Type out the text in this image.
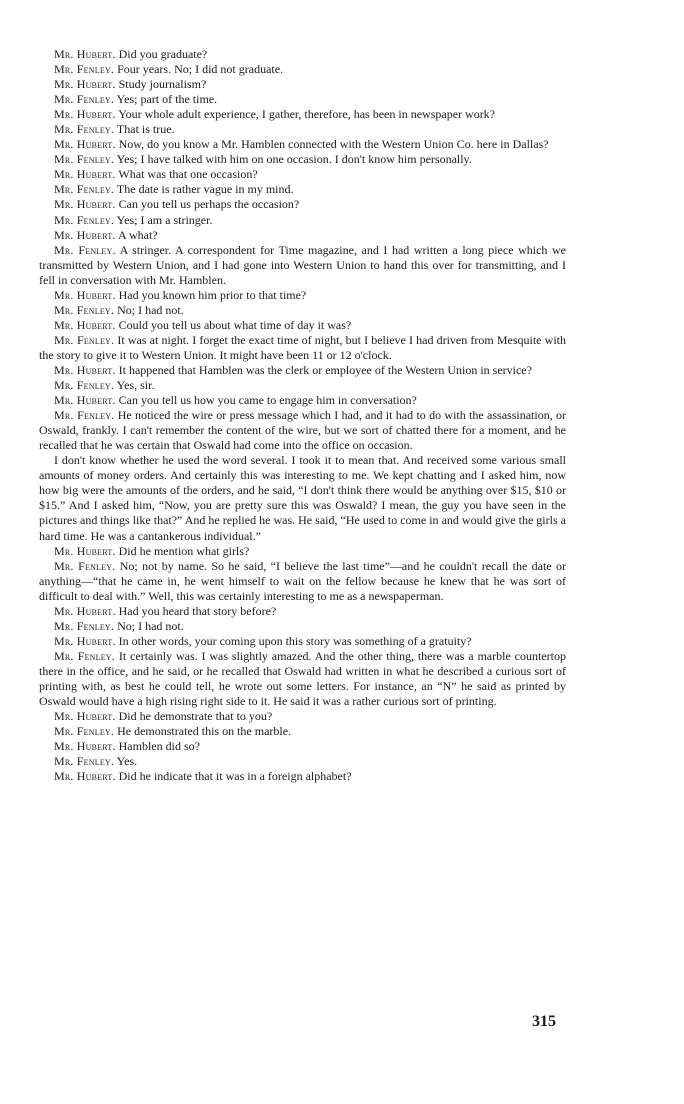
Mr. Hubert. Did you graduate?

Mr. Fenley. Four years. No; I did not graduate.

Mr. Hubert. Study journalism?

Mr. Fenley. Yes; part of the time.

Mr. Hubert. Your whole adult experience, I gather, therefore, has been in newspaper work?

Mr. Fenley. That is true.

Mr. Hubert. Now, do you know a Mr. Hamblen connected with the Western Union Co. here in Dallas?

Mr. Fenley. Yes; I have talked with him on one occasion. I don't know him personally.

Mr. Hubert. What was that one occasion?

Mr. Fenley. The date is rather vague in my mind.

Mr. Hubert. Can you tell us perhaps the occasion?

Mr. Fenley. Yes; I am a stringer.

Mr. Hubert. A what?

Mr. Fenley. A stringer. A correspondent for Time magazine, and I had written a long piece which we transmitted by Western Union, and I had gone into Western Union to hand this over for transmitting, and I fell in conversation with Mr. Hamblen.

Mr. Hubert. Had you known him prior to that time?

Mr. Fenley. No; I had not.

Mr. Hubert. Could you tell us about what time of day it was?

Mr. Fenley. It was at night. I forget the exact time of night, but I believe I had driven from Mesquite with the story to give it to Western Union. It might have been 11 or 12 o'clock.

Mr. Hubert. It happened that Hamblen was the clerk or employee of the Western Union in service?

Mr. Fenley. Yes, sir.

Mr. Hubert. Can you tell us how you came to engage him in conversation?

Mr. Fenley. He noticed the wire or press message which I had, and it had to do with the assassination, or Oswald, frankly. I can't remember the content of the wire, but we sort of chatted there for a moment, and he recalled that he was certain that Oswald had come into the office on occasion.

I don't know whether he used the word several. I took it to mean that. And received some various small amounts of money orders. And certainly this was interesting to me. We kept chatting and I asked him, now how big were the amounts of the orders, and he said, “I don't think there would be anything over $15, $10 or $15.” And I asked him, “Now, you are pretty sure this was Oswald? I mean, the guy you have seen in the pictures and things like that?” And he replied he was. He said, “He used to come in and would give the girls a hard time. He was a cantankerous individual.”

Mr. Hubert. Did he mention what girls?

Mr. Fenley. No; not by name. So he said, “I believe the last time”—and he couldn't recall the date or anything—“that he came in, he went himself to wait on the fellow because he knew that he was sort of difficult to deal with.” Well, this was certainly interesting to me as a newspaperman.

Mr. Hubert. Had you heard that story before?

Mr. Fenley. No; I had not.

Mr. Hubert. In other words, your coming upon this story was something of a gratuity?

Mr. Fenley. It certainly was. I was slightly amazed. And the other thing, there was a marble countertop there in the office, and he said, or he recalled that Oswald had written in what he described a curious sort of printing with, as best he could tell, he wrote out some letters. For instance, an “N” he said as printed by Oswald would have a high rising right side to it. He said it was a rather curious sort of printing.

Mr. Hubert. Did he demonstrate that to you?

Mr. Fenley. He demonstrated this on the marble.

Mr. Hubert. Hamblen did so?

Mr. Fenley. Yes.

Mr. Hubert. Did he indicate that it was in a foreign alphabet?

315
